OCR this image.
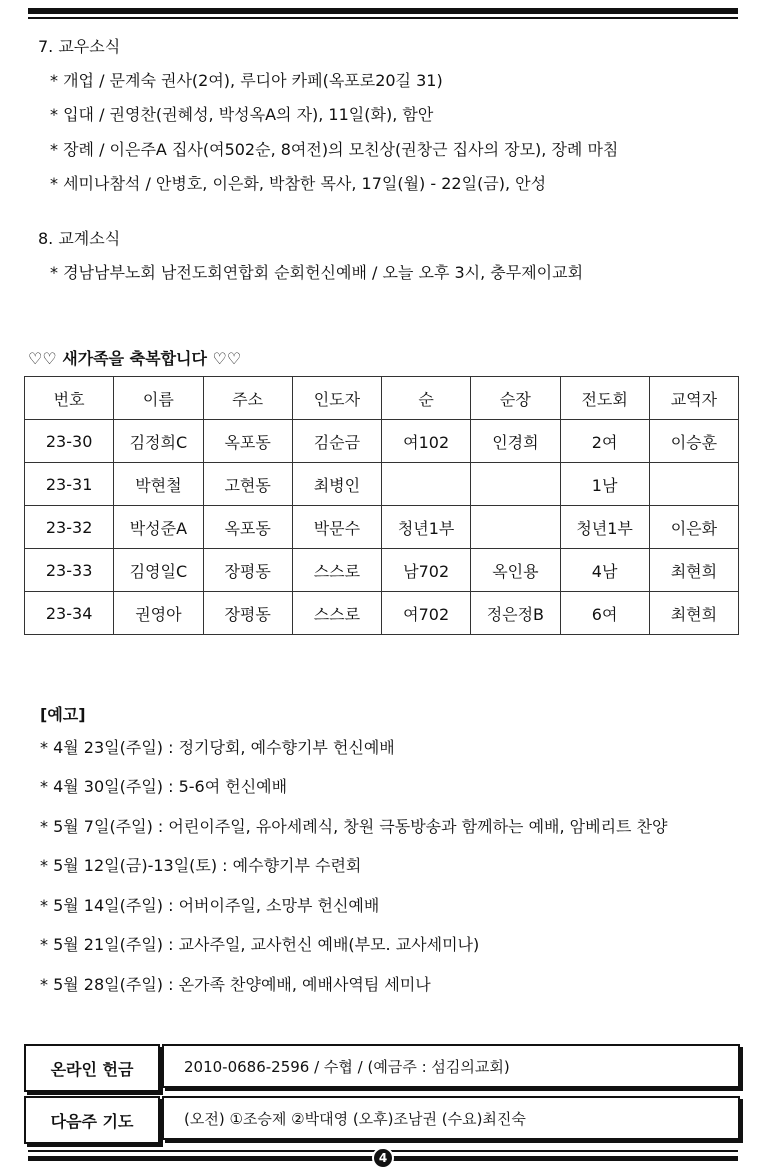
7. 교우소식
* 개업 / 문계숙 권사(2여), 루디아 카페(옥포로20길 31)
* 입대 / 권영찬(권혜성, 박성옥A의 자), 11일(화), 함안
* 장례 / 이은주A 집사(여502순, 8여전)의 모친상(권창근 집사의 장모), 장례 마침
* 세미나참석 / 안병호, 이은화, 박참한 목사, 17일(월) - 22일(금), 안성
8. 교계소식
* 경남남부노회 남전도회연합회 순회헌신예배 / 오늘 오후 3시, 충무제이교회
♡♡ 새가족을 축복합니다 ♡♡
번호	이름	주소	인도자	순	순장	전도회	교역자
23-30	김정희C	옥포동	김순금	여102	인경희	2여	이승훈
23-31	박현철	고현동	최병인			1남	
23-32	박성준A	옥포동	박문수	청년1부		청년1부	이은화
23-33	김영일C	장평동	스스로	남702	옥인용	4남	최현희
23-34	권영아	장평동	스스로	여702	정은정B	6여	최현희
[예고]
* 4월 23일(주일) : 정기당회, 예수향기부 헌신예배
* 4월 30일(주일) : 5-6여 헌신예배
* 5월 7일(주일) : 어린이주일, 유아세례식, 창원 극동방송과 함께하는 예배, 암베리트 찬양
* 5월 12일(금)-13일(토) : 예수향기부 수련회
* 5월 14일(주일) : 어버이주일, 소망부 헌신예배
* 5월 21일(주일) : 교사주일, 교사헌신 예배(부모. 교사세미나)
* 5월 28일(주일) : 온가족 찬양예배, 예배사역팀 세미나
온라인 헌금	2010-0686-2596 / 수협 / (예금주 : 섬김의교회)
다음주 기도	(오전) ①조승제 ②박대영 (오후)조남권 (수요)최진숙
4
